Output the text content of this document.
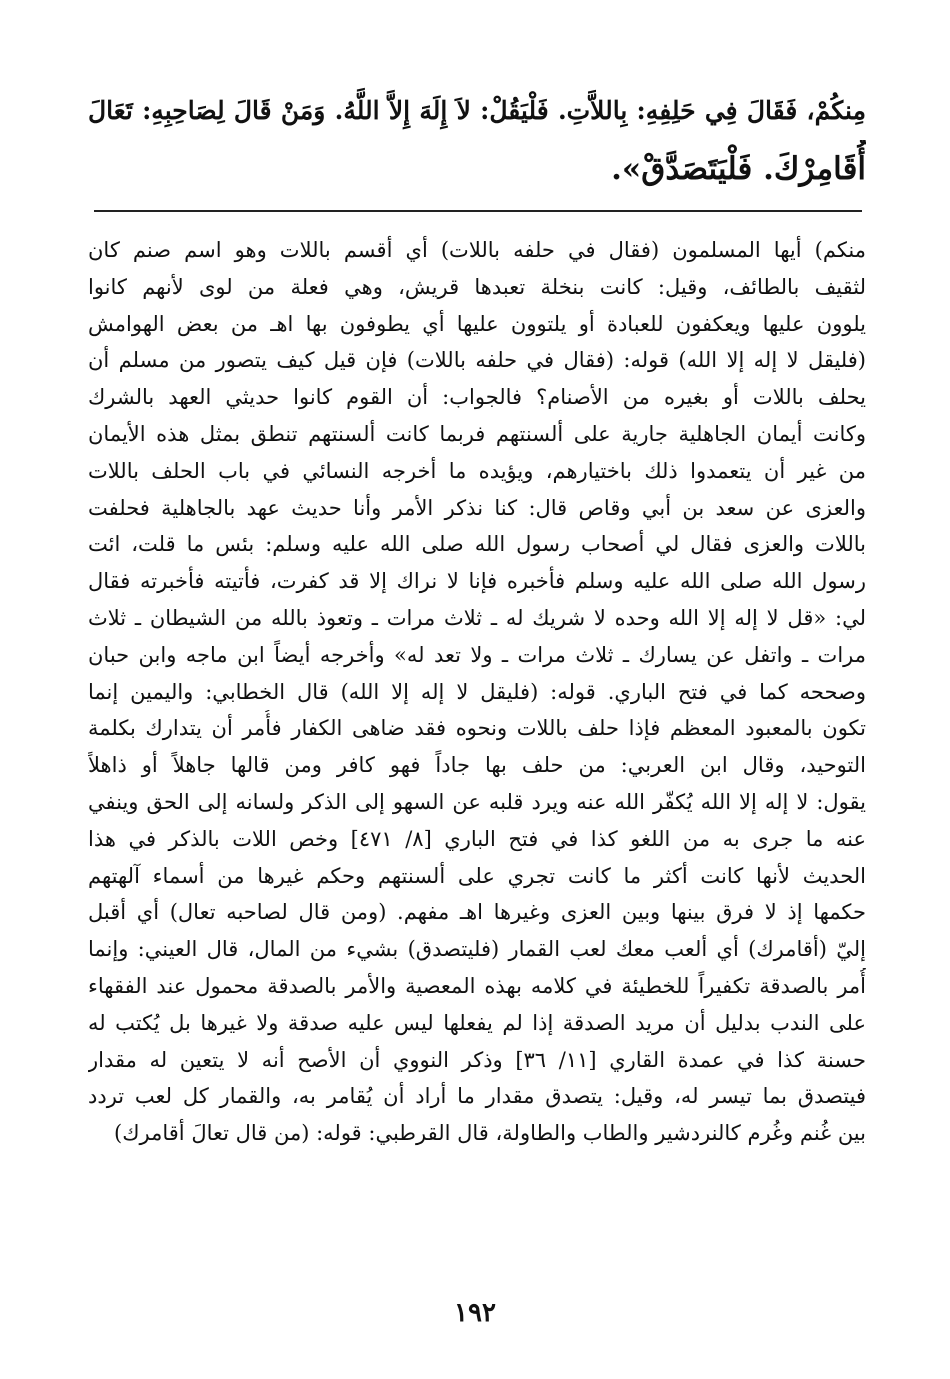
مِنكُمْ، فَقَالَ فِي حَلِفِهِ: بِاللاَّتِ. فَلْيَقُلْ: لاَ إِلَهَ إِلاَّ اللَّهُ. وَمَنْ قَالَ لِصَاحِبِهِ: تَعَالَ
أُقَامِرْكَ. فَلْيَتَصَدَّقْ».
منكم) أيها المسلمون (فقال في حلفه باللات) أي أقسم باللات وهو اسم صنم كان
لثقيف بالطائف، وقيل: كانت بنخلة تعبدها قريش، وهي فعلة من لوى لأنهم كانوا
يلوون عليها ويعكفون للعبادة أو يلتوون عليها أي يطوفون بها اهـ من بعض الهوامش
(فليقل لا إله إلا الله) قوله: (فقال في حلفه باللات) فإن قيل كيف يتصور من مسلم أن
يحلف باللات أو بغيره من الأصنام؟ فالجواب: أن القوم كانوا حديثي العهد بالشرك
وكانت أيمان الجاهلية جارية على ألسنتهم فربما كانت ألسنتهم تنطق بمثل هذه الأيمان
من غير أن يتعمدوا ذلك باختيارهم، ويؤيده ما أخرجه النسائي في باب الحلف باللات
والعزى عن سعد بن أبي وقاص قال: كنا نذكر الأمر وأنا حديث عهد بالجاهلية فحلفت
باللات والعزى فقال لي أصحاب رسول الله صلى الله عليه وسلم: بئس ما قلت، ائت
رسول الله صلى الله عليه وسلم فأخبره فإنا لا نراك إلا قد كفرت، فأتيته فأخبرته فقال
لي: «قل لا إله إلا الله وحده لا شريك له ـ ثلاث مرات ـ وتعوذ بالله من الشيطان ـ ثلاث
مرات ـ واتفل عن يسارك ـ ثلاث مرات ـ ولا تعد له» وأخرجه أيضاً ابن ماجه وابن حبان
وصححه كما في فتح الباري. قوله: (فليقل لا إله إلا الله) قال الخطابي: واليمين إنما
تكون بالمعبود المعظم فإذا حلف باللات ونحوه فقد ضاهى الكفار فأُمر أن يتدارك بكلمة
التوحيد، وقال ابن العربي: من حلف بها جاداً فهو كافر ومن قالها جاهلاً أو ذاهلاً
يقول: لا إله إلا الله يُكفّر الله عنه ويرد قلبه عن السهو إلى الذكر ولسانه إلى الحق وينفي
عنه ما جرى به من اللغو كذا في فتح الباري [٨/ ٤٧١] وخص اللات بالذكر في هذا
الحديث لأنها كانت أكثر ما كانت تجري على ألسنتهم وحكم غيرها من أسماء آلهتهم
حكمها إذ لا فرق بينها وبين العزى وغيرها اهـ مفهم. (ومن قال لصاحبه تعال) أي أقبل
إليّ (أقامرك) أي ألعب معك لعب القمار (فليتصدق) بشيء من المال، قال العيني: وإنما
أُمر بالصدقة تكفيراً للخطيئة في كلامه بهذه المعصية والأمر بالصدقة محمول عند الفقهاء
على الندب بدليل أن مريد الصدقة إذا لم يفعلها ليس عليه صدقة ولا غيرها بل يُكتب له
حسنة كذا في عمدة القاري [١١/ ٣٦] وذكر النووي أن الأصح أنه لا يتعين له مقدار
فيتصدق بما تيسر له، وقيل: يتصدق مقدار ما أراد أن يُقامر به، والقمار كل لعب تردد
بين غُنم وغُرم كالنردشير والطاب والطاولة، قال القرطبي: قوله: (من قال تعالَ أقامرك)
١٩٢
